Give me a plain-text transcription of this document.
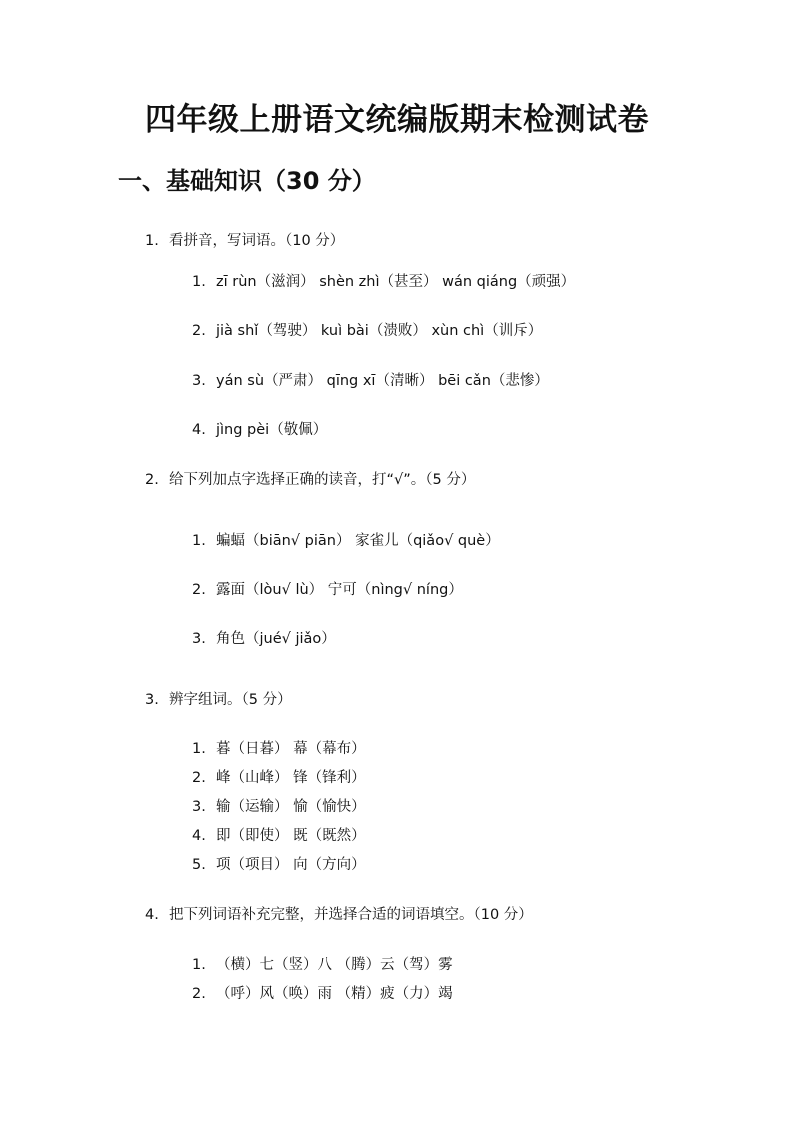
四年级上册语文统编版期末检测试卷
一、基础知识（30 分）
1. 看拼音，写词语。（10 分）
1. zī rùn（滋润） shèn zhì（甚至） wán qiáng（顽强）
2. jià shǐ（驾驶） kuì bài（溃败） xùn chì（训斥）
3. yán sù（严肃） qīng xī（清晰） bēi cǎn（悲惨）
4. jìng pèi（敬佩）
2. 给下列加点字选择正确的读音，打“√”。（5 分）
1. 蝙蝠（biān√ piān） 家雀儿（qiǎo√ què）
2. 露面（lòu√ lù） 宁可（nìng√ níng）
3. 角色（jué√ jiǎo）
3. 辨字组词。（5 分）
1. 暮（日暮） 幕（幕布）
2. 峰（山峰） 锋（锋利）
3. 输（运输） 愉（愉快）
4. 即（即使） 既（既然）
5. 项（项目） 向（方向）
4. 把下列词语补充完整，并选择合适的词语填空。（10 分）
1. （横）七（竖）八 （腾）云（驾）雾
2. （呼）风（唤）雨 （精）疲（力）竭
